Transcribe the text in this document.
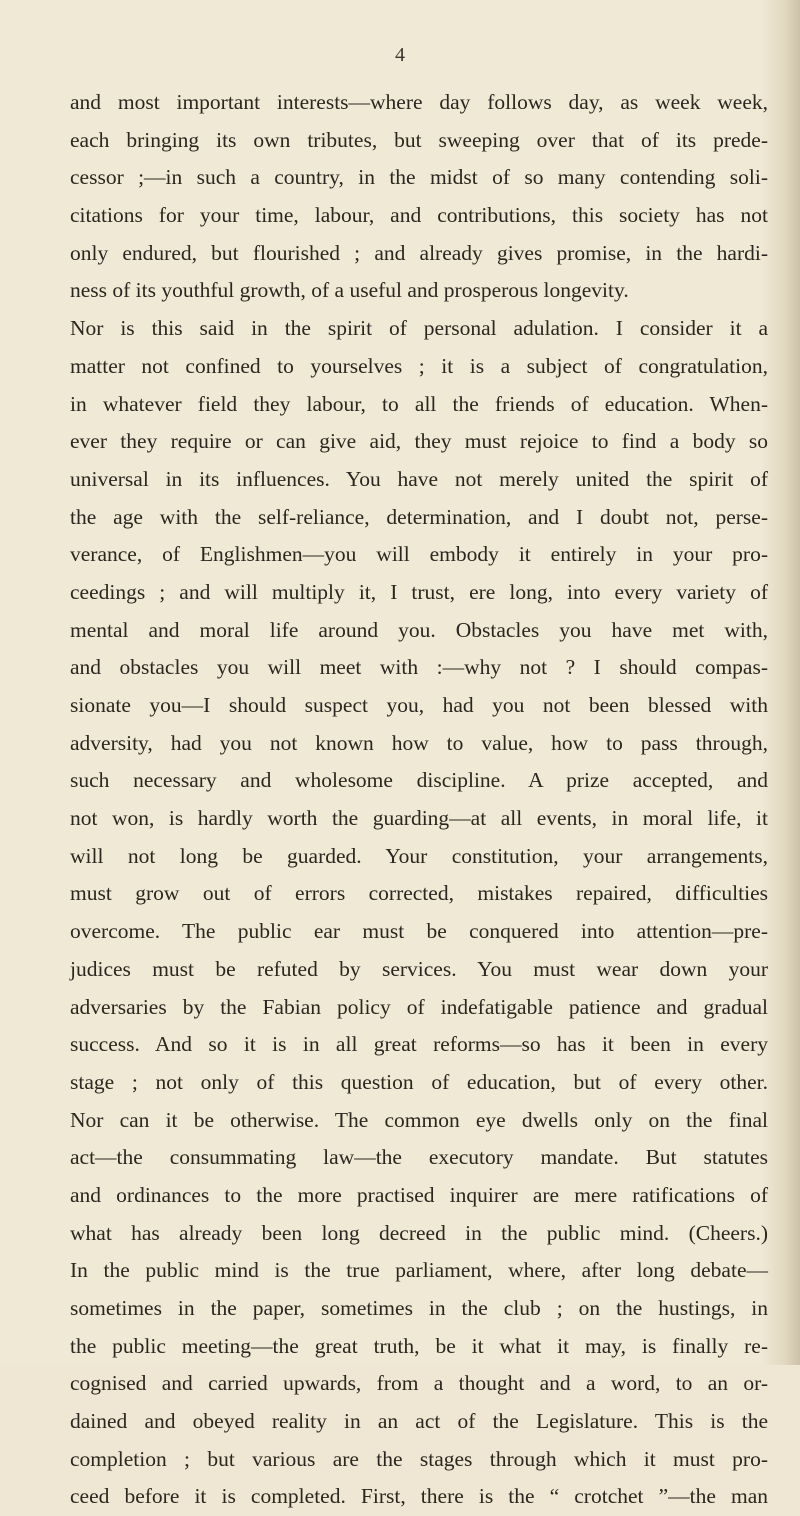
4
and most important interests—where day follows day, as week week,
each bringing its own tributes, but sweeping over that of its prede-
cessor ;—in such a country, in the midst of so many contending soli-
citations for your time, labour, and contributions, this society has not
only endured, but flourished ; and already gives promise, in the hardi-
ness of its youthful growth, of a useful and prosperous longevity.
Nor is this said in the spirit of personal adulation. I consider it a
matter not confined to yourselves ; it is a subject of congratulation,
in whatever field they labour, to all the friends of education. When-
ever they require or can give aid, they must rejoice to find a body so
universal in its influences. You have not merely united the spirit of
the age with the self-reliance, determination, and I doubt not, perse-
verance, of Englishmen—you will embody it entirely in your pro-
ceedings ; and will multiply it, I trust, ere long, into every variety of
mental and moral life around you. Obstacles you have met with,
and obstacles you will meet with :—why not ? I should compas-
sionate you—I should suspect you, had you not been blessed with
adversity, had you not known how to value, how to pass through,
such necessary and wholesome discipline. A prize accepted, and
not won, is hardly worth the guarding—at all events, in moral life, it
will not long be guarded. Your constitution, your arrangements,
must grow out of errors corrected, mistakes repaired, difficulties
overcome. The public ear must be conquered into attention—pre-
judices must be refuted by services. You must wear down your
adversaries by the Fabian policy of indefatigable patience and gradual
success. And so it is in all great reforms—so has it been in every
stage ; not only of this question of education, but of every other.
Nor can it be otherwise. The common eye dwells only on the final
act—the consummating law—the executory mandate. But statutes
and ordinances to the more practised inquirer are mere ratifications of
what has already been long decreed in the public mind. (Cheers.)
In the public mind is the true parliament, where, after long debate—
sometimes in the paper, sometimes in the club ; on the hustings, in
the public meeting—the great truth, be it what it may, is finally re-
cognised and carried upwards, from a thought and a word, to an or-
dained and obeyed reality in an act of the Legislature. This is the
completion ; but various are the stages through which it must pro-
ceed before it is completed. First, there is the “ crotchet ”—the man
